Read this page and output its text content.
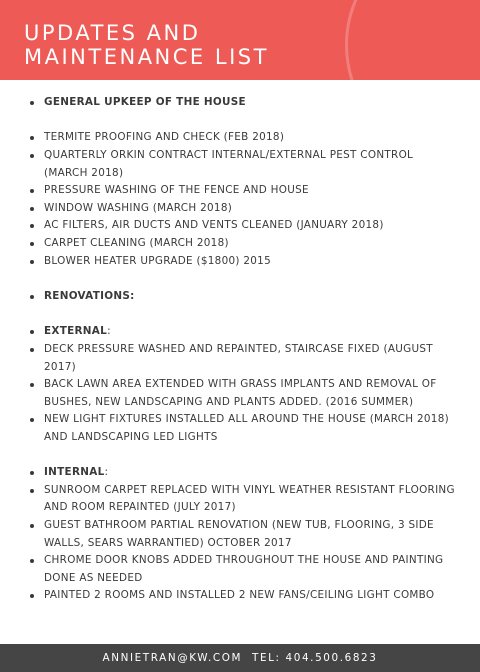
UPDATES AND
MAINTENANCE LIST
GENERAL UPKEEP OF THE HOUSE
TERMITE PROOFING AND CHECK (FEB 2018)
QUARTERLY ORKIN CONTRACT INTERNAL/EXTERNAL PEST CONTROL (MARCH 2018)
PRESSURE WASHING OF THE FENCE AND HOUSE
WINDOW WASHING (MARCH 2018)
AC FILTERS, AIR DUCTS AND VENTS CLEANED (JANUARY 2018)
CARPET CLEANING (MARCH 2018)
BLOWER HEATER UPGRADE ($1800) 2015
RENOVATIONS:
EXTERNAL:
DECK PRESSURE WASHED AND REPAINTED, STAIRCASE FIXED (AUGUST 2017)
BACK LAWN AREA EXTENDED WITH GRASS IMPLANTS AND REMOVAL OF BUSHES, NEW LANDSCAPING AND PLANTS ADDED. (2016 SUMMER)
NEW LIGHT FIXTURES INSTALLED ALL AROUND THE HOUSE (MARCH 2018) AND LANDSCAPING LED LIGHTS
INTERNAL:
SUNROOM CARPET REPLACED WITH VINYL WEATHER RESISTANT FLOORING AND ROOM REPAINTED (JULY 2017)
GUEST BATHROOM PARTIAL RENOVATION (NEW TUB, FLOORING, 3 SIDE WALLS, SEARS WARRANTIED) OCTOBER 2017
CHROME DOOR KNOBS ADDED THROUGHOUT THE HOUSE AND PAINTING DONE AS NEEDED
PAINTED 2 ROOMS AND INSTALLED 2 NEW FANS/CEILING LIGHT COMBO
ANNIETRAN@KW.COM TEL: 404.500.6823
